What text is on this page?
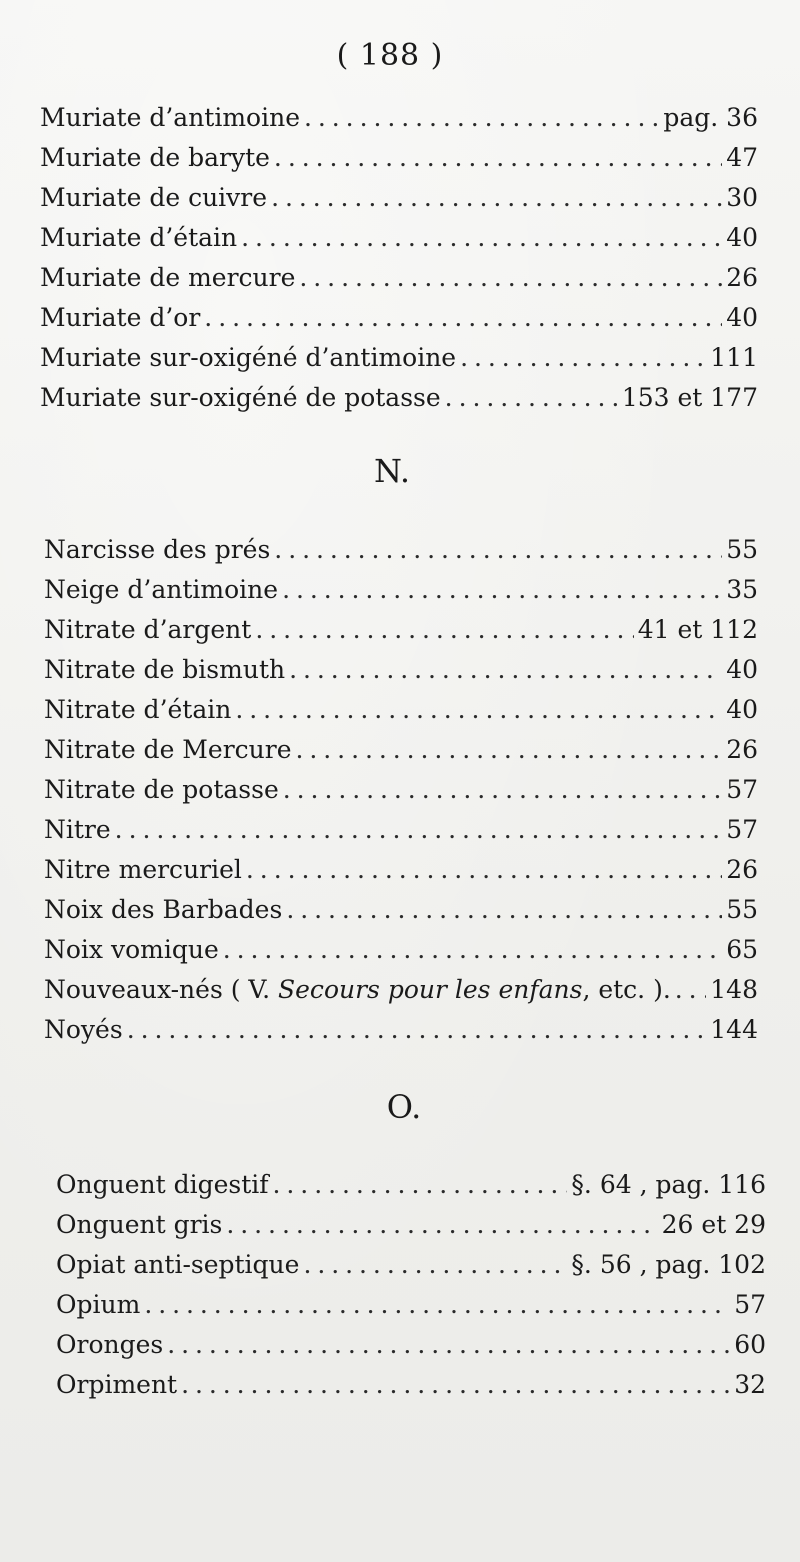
( 188 )
Muriate d’antimoine . . .	pag. 36
Muriate de baryte . . .	47
Muriate de cuivre . . .	30
Muriate d’étain . . .	40
Muriate de mercure . . .	26
Muriate d’or . . .	40
Muriate sur-oxigéné d’antimoine . . .	111
Muriate sur-oxigéné de potasse . . .	153 et 177
N.
Narcisse des prés . . .	55
Neige d’antimoine . . .	35
Nitrate d’argent . . .	41 et 112
Nitrate de bismuth . . .	40
Nitrate d’étain . . .	40
Nitrate de Mercure . . .	26
Nitrate de potasse . . .	57
Nitre . . .	57
Nitre mercuriel . . .	26
Noix des Barbades . . .	55
Noix vomique . . .	65
Nouveaux-nés ( V. Secours pour les enfans, etc. ). . . . 148
Noyés . . .	144
O.
Onguent digestif . . .	§. 64 , pag. 116
Onguent gris . . .	26 et 29
Opiat anti-septique . . .	§. 56 , pag. 102
Opium . . .	57
Oronges . . .	60
Orpiment . . .	32
